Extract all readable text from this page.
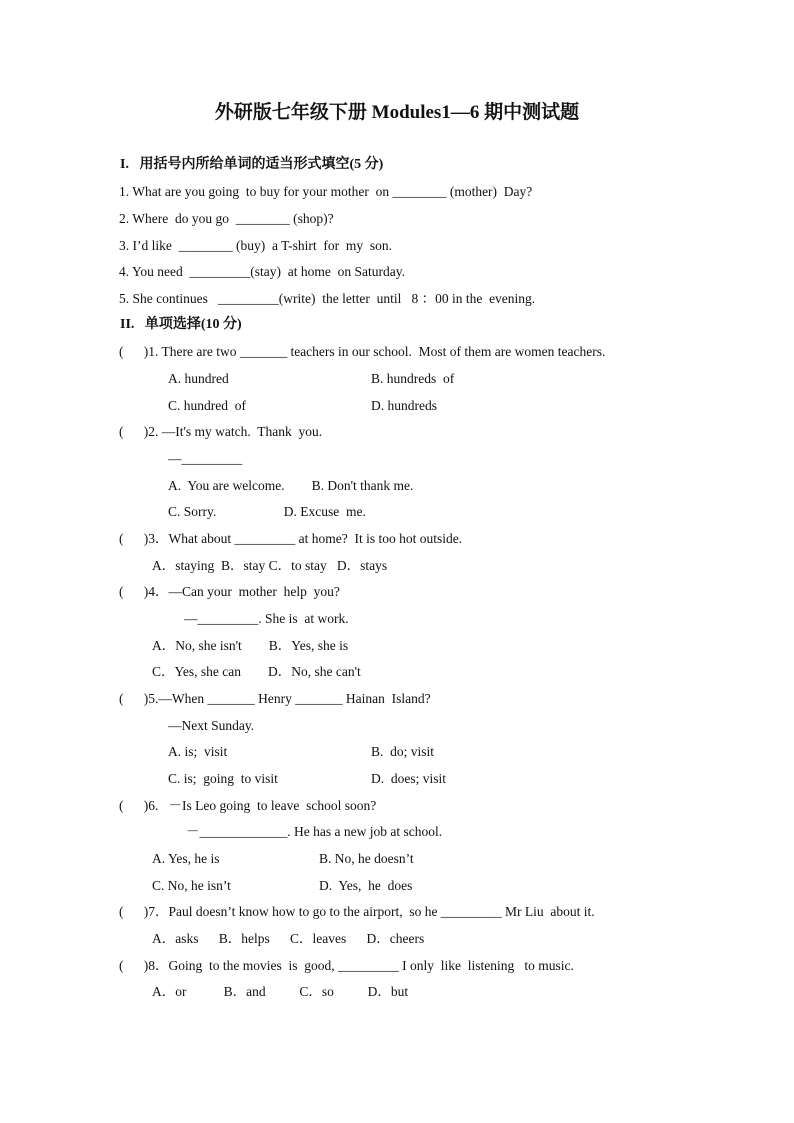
外研版七年级下册 Modules1—6 期中测试题

I.   用括号内所给单词的适当形式填空(5 分)

1. What are you going  to buy for your mother  on ________ (mother)  Day?

2. Where  do you go  ________ (shop)?

3. I’d like  ________ (buy)  a T-shirt  for  my  son.

4. You need  _________(stay)  at home  on Saturday.

5. She continues   _________(write)  the letter  until   8 ：00 in the  evening.

II.   单项选择(10 分)

(      )1. There are two _______ teachers in our school.  Most of them are women teachers.

A. hundred	B. hundreds  of

C. hundred  of	D. hundreds

(      )2. —It's my watch.  Thank  you.

—_________

A.  You are welcome.        B. Don't thank me.

C. Sorry.                    D. Excuse  me.

(      )3．What about _________ at home?  It is too hot outside.

A．staying  B．stay C．to stay   D．stays

(      )4．—Can your  mother  help  you?

—_________. She is  at work.

A．No, she isn't        B．Yes, she is

C．Yes, she can        D．No, she can't

(      )5.—When _______ Henry _______ Hainan  Island?

—Next Sunday.

A. is;  visit	B.  do; visit

C. is;  going  to visit	D.  does; visit

(      )6.   －Is Leo going  to leave  school soon?

－_____________. He has a new job at school.

A. Yes, he is	B. No, he doesn’t

C. No, he isn’t	D.  Yes,  he  does

(      )7．Paul doesn’t know how to go to the airport,  so he _________ Mr Liu  about it.

A．asks      B．helps      C．leaves      D．cheers

(      )8．Going  to the movies  is  good, _________ I only  like  listening   to music.

A．or           B．and          C．so          D．but
